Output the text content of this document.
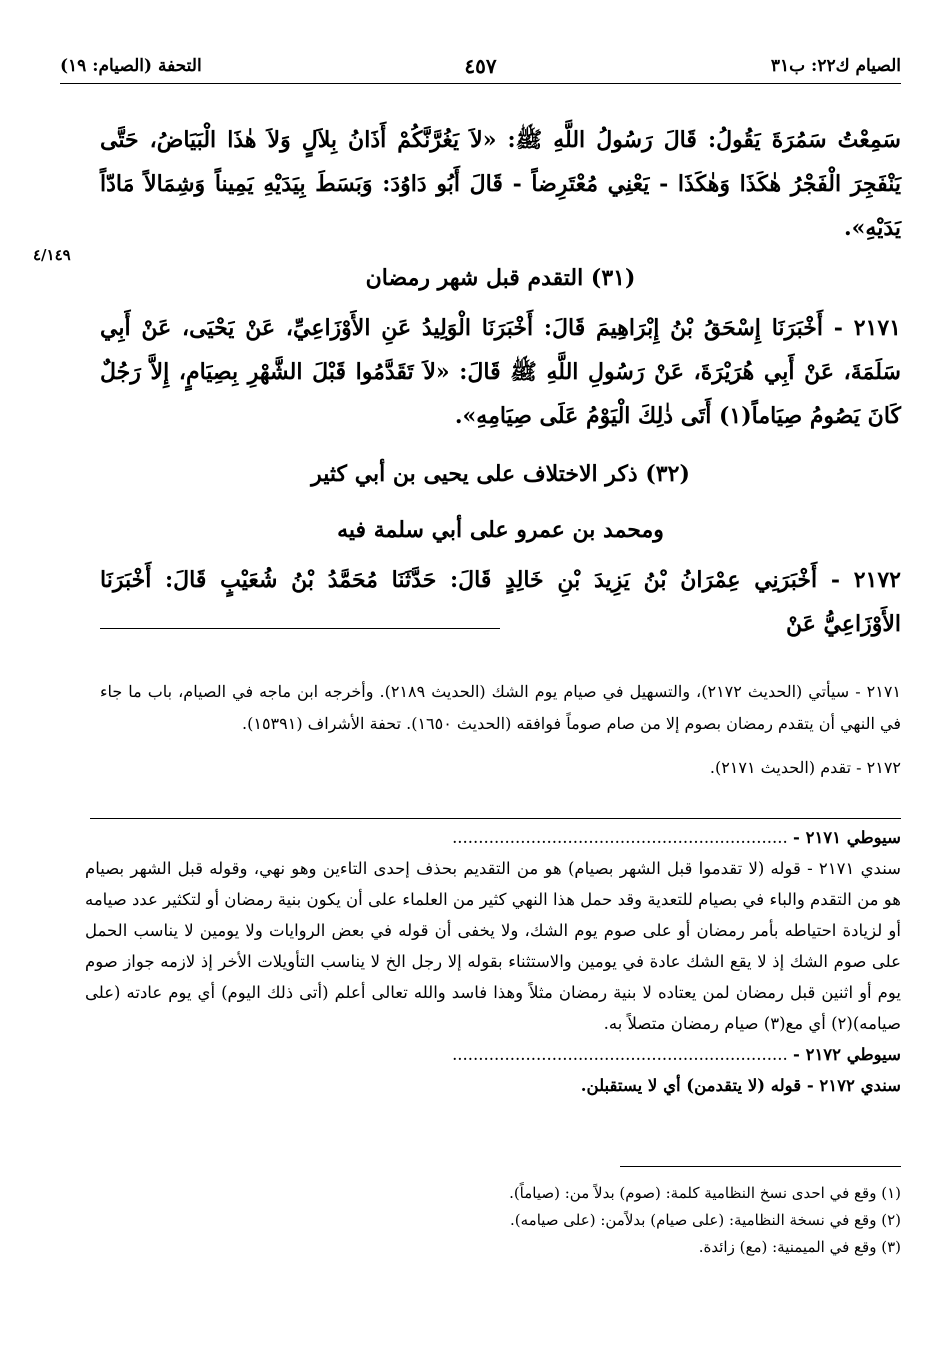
الصيام ك٢٢: ب٣١
٤٥٧
التحفة (الصيام: ١٩)
٤/١٤٩

سَمِعْتُ سَمُرَةَ يَقُولُ: قَالَ رَسُولُ اللَّهِ ﷺ: «لاَ يَغُرَّنَّكُمْ أَذَانُ بِلاَلٍ وَلاَ هٰذَا الْبَيَاضُ، حَتَّى يَنْفَجِرَ الْفَجْرُ هٰكَذَا وَهٰكَذَا - يَعْنِي مُعْتَرِضاً - قَالَ أَبُو دَاوُدَ: وَبَسَطَ بِيَدَيْهِ يَمِيناً وَشِمَالاً مَادّاً يَدَيْهِ».

(٣١) التقدم قبل شهر رمضان

٢١٧١ - أَخْبَرَنَا إِسْحَقُ بْنُ إِبْرَاهِيمَ قَالَ: أَخْبَرَنَا الْوَلِيدُ عَنِ الأَوْزَاعِيِّ، عَنْ يَحْيَى، عَنْ أَبِي سَلَمَةَ، عَنْ أَبِي هُرَيْرَةَ، عَنْ رَسُولِ اللَّهِ ﷺ قَالَ: «لاَ تَقَدَّمُوا قَبْلَ الشَّهْرِ بِصِيَامٍ، إِلاَّ رَجُلٌ كَانَ يَصُومُ صِيَاماً(١) أَتَى ذٰلِكَ الْيَوْمُ عَلَى صِيَامِهِ».

(٣٢) ذكر الاختلاف على يحيى بن أبي كثير

ومحمد بن عمرو على أبي سلمة فيه

٢١٧٢ - أَخْبَرَنِي عِمْرَانُ بْنُ يَزِيدَ بْنِ خَالِدٍ قَالَ: حَدَّثَنَا مُحَمَّدُ بْنُ شُعَيْبٍ قَالَ: أَخْبَرَنَا الأَوْزَاعِيُّ عَنْ

٢١٧١ - سيأتي (الحديث ٢١٧٢)، والتسهيل في صيام يوم الشك (الحديث ٢١٨٩). وأخرجه ابن ماجه في الصيام، باب ما جاء في النهي أن يتقدم رمضان بصوم إلا من صام صوماً فوافقه (الحديث ١٦٥٠). تحفة الأشراف (١٥٣٩١).

٢١٧٢ - تقدم (الحديث ٢١٧١).

سيوطي ٢١٧١ - ................................................................

سندي ٢١٧١ - قوله (لا تقدموا قبل الشهر بصيام) هو من التقديم بحذف إحدى التاءين وهو نهي، وقوله قبل الشهر بصيام هو من التقدم والباء في بصيام للتعدية وقد حمل هذا النهي كثير من العلماء على أن يكون بنية رمضان أو لتكثير عدد صيامه أو لزيادة احتياطه بأمر رمضان أو على صوم يوم الشك، ولا يخفى أن قوله في بعض الروايات ولا يومين لا يناسب الحمل على صوم الشك إذ لا يقع الشك عادة في يومين والاستثناء بقوله إلا رجل الخ لا يناسب التأويلات الأخر إذ لازمه جواز صوم يوم أو اثنين قبل رمضان لمن يعتاده لا بنية رمضان مثلاً وهذا فاسد والله تعالى أعلم (أتى ذلك اليوم) أي يوم عادته (على صيامه)(٢) أي مع(٣) صيام رمضان متصلاً به.

سيوطي ٢١٧٢ - ................................................................

سندي ٢١٧٢ - قوله (لا يتقدمن) أي لا يستقبلن.

(١) وقع في احدى نسخ النظامية كلمة: (صوم) بدلاً من: (صياماً).

(٢) وقع في نسخة النظامية: (على صيام) بدلاًمن: (على صيامه).

(٣) وقع في الميمنية: (مع) زائدة.
